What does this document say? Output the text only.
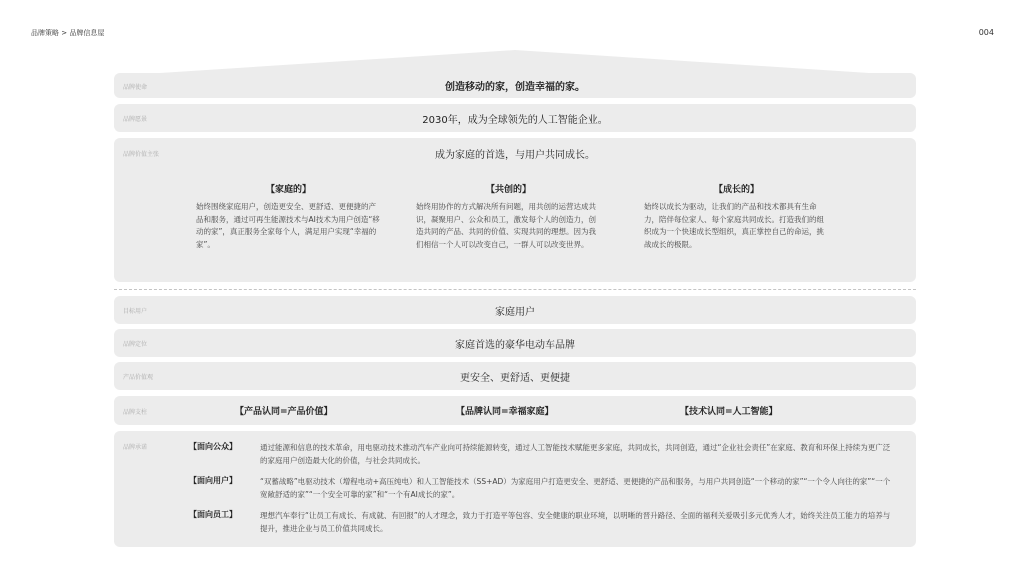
品牌策略 > 品牌信息屋	004
品牌使命	创造移动的家，创造幸福的家。
品牌愿景	2030年，成为全球领先的人工智能企业。
品牌价值主张	成为家庭的首选，与用户共同成长。
【家庭的】
始终围绕家庭用户，创造更安全、更舒适、更便捷的产品和服务，通过可再生能源技术与AI技术为用户创造“移动的家”，真正服务全家每个人，满足用户实现“幸福的家”。
【共创的】
始终用协作的方式解决所有问题，用共创的运营达成共识，凝聚用户、公众和员工，激发每个人的创造力，创造共同的产品、共同的价值、实现共同的理想。因为我们相信一个人可以改变自己，一群人可以改变世界。
【成长的】
始终以成长为驱动，让我们的产品和技术都具有生命力，陪伴每位家人、每个家庭共同成长。打造我们的组织成为一个快速成长型组织，真正掌控自己的命运，挑战成长的极限。
目标用户	家庭用户
品牌定位	家庭首选的豪华电动车品牌
产品价值观	更安全、更舒适、更便捷
品牌支柱	【产品认同=产品价值】	【品牌认同=幸福家庭】	【技术认同=人工智能】
品牌承诺	【面向公众】	通过能源和信息的技术革命，用电驱动技术推动汽车产业向可持续能源转变，通过人工智能技术赋能更多家庭，共同成长，共同创造，通过“企业社会责任”在家庭、教育和环保上持续为更广泛的家庭用户创造最大化的价值，与社会共同成长。
【面向用户】	“双蓄战略”电驱动技术（增程电动+高压纯电）和人工智能技术（SS+AD）为家庭用户打造更安全、更舒适、更便捷的产品和服务，与用户共同创造“一个移动的家”“一个令人向往的家”“一个宽敞舒适的家”“一个安全可靠的家”和“一个有AI成长的家”。
【面向员工】	理想汽车奉行“让员工有成长、有成就、有回报”的人才理念，致力于打造平等包容、安全健康的职业环境，以明晰的晋升路径、全面的福利关爱吸引多元优秀人才，始终关注员工能力的培养与提升，推进企业与员工价值共同成长。
